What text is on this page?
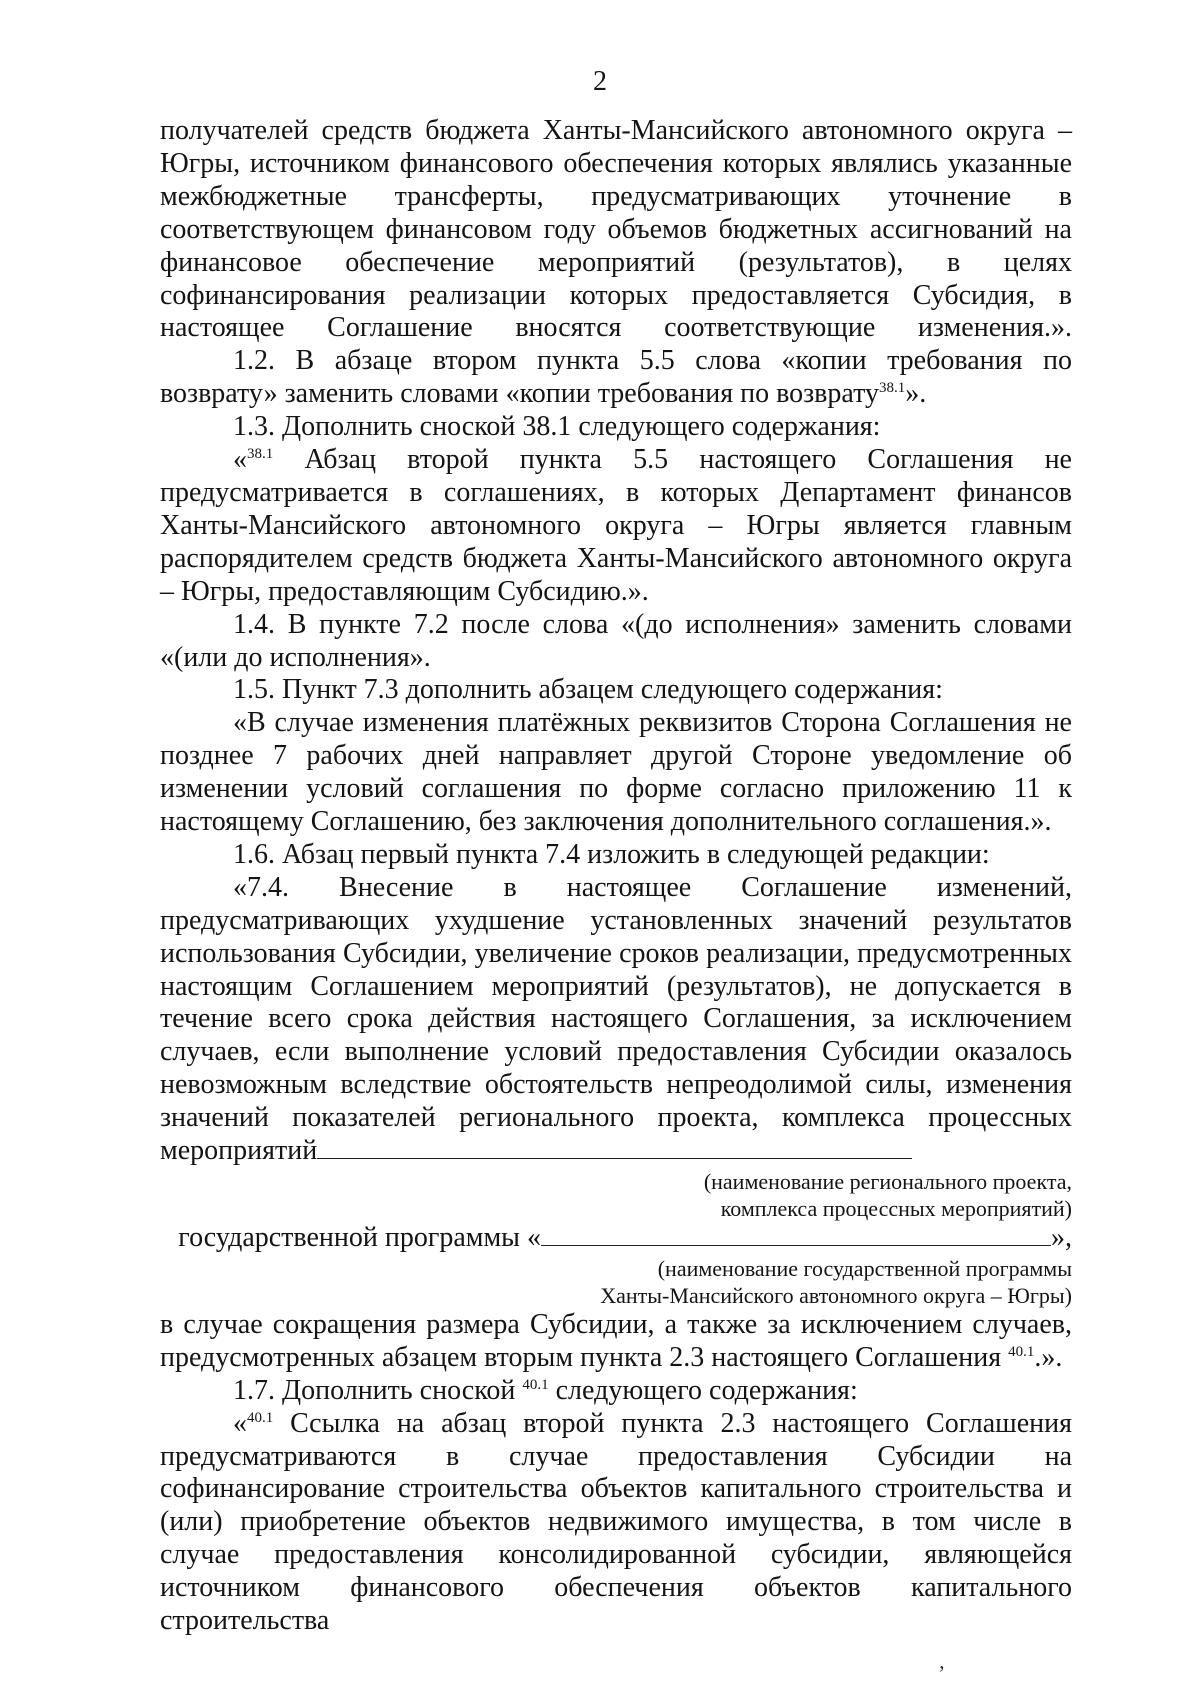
2

получателей средств бюджета Ханты-Мансийского автономного округа – Югры, источником финансового обеспечения которых являлись указанные межбюджетные трансферты, предусматривающих уточнение в соответствующем финансовом году объемов бюджетных ассигнований на финансовое обеспечение мероприятий (результатов), в целях софинансирования реализации которых предоставляется Субсидия, в настоящее Соглашение вносятся соответствующие изменения.».

1.2. В абзаце втором пункта 5.5 слова «копии требования по возврату» заменить словами «копии требования по возврату$^{38.1}$».

1.3. Дополнить сноской 38.1 следующего содержания:

«$^{38.1}$ Абзац второй пункта 5.5 настоящего Соглашения не предусматривается в соглашениях, в которых Департамент финансов Ханты-Мансийского автономного округа – Югры является главным распорядителем средств бюджета Ханты-Мансийского автономного округа – Югры, предоставляющим Субсидию.».

1.4. В пункте 7.2 после слова «(до исполнения» заменить словами «(или до исполнения».

1.5. Пункт 7.3 дополнить абзацем следующего содержания:

«В случае изменения платёжных реквизитов Сторона Соглашения не позднее 7 рабочих дней направляет другой Стороне уведомление об изменении условий соглашения по форме согласно приложению 11 к настоящему Соглашению, без заключения дополнительного соглашения.».

1.6. Абзац первый пункта 7.4 изложить в следующей редакции:

«7.4. Внесение в настоящее Соглашение изменений, предусматривающих ухудшение установленных значений результатов использования Субсидии, увеличение сроков реализации, предусмотренных настоящим Соглашением мероприятий (результатов), не допускается в течение всего срока действия настоящего Соглашения, за исключением случаев, если выполнение условий предоставления Субсидии оказалось невозможным вследствие обстоятельств непреодолимой силы, изменения значений показателей регионального проекта, комплекса процессных мероприятий

(наименование регионального проекта,
комплекса процессных мероприятий)

государственной программы «	»,

(наименование государственной программы
Ханты-Мансийского автономного округа – Югры)

в случае сокращения размера Субсидии, а также за исключением случаев, предусмотренных абзацем вторым пункта 2.3 настоящего Соглашения $^{40.1}$.».

1.7. Дополнить сноской $^{40.1}$ следующего содержания:

«$^{40.1}$ Ссылка на абзац второй пункта 2.3 настоящего Соглашения предусматриваются в случае предоставления Субсидии на софинансирование строительства объектов капитального строительства и (или) приобретение объектов недвижимого имущества, в том числе в случае предоставления консолидированной субсидии, являющейся источником финансового обеспечения объектов капитального строительства

ʼ
